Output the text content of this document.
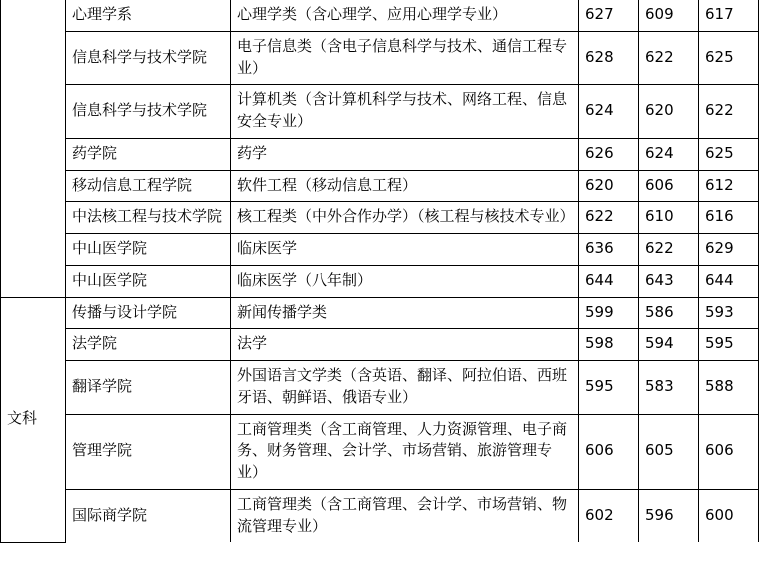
	心理学系	心理学类（含心理学、应用心理学专业）	627	609	617
	信息科学与技术学院	电子信息类（含电子信息科学与技术、通信工程专业）	628	622	625
	信息科学与技术学院	计算机类（含计算机科学与技术、网络工程、信息安全专业）	624	620	622
	药学院	药学	626	624	625
	移动信息工程学院	软件工程（移动信息工程）	620	606	612
	中法核工程与技术学院	核工程类（中外合作办学）（核工程与核技术专业）	622	610	616
	中山医学院	临床医学	636	622	629
	中山医学院	临床医学（八年制）	644	643	644
文科	传播与设计学院	新闻传播学类	599	586	593
	法学院	法学	598	594	595
	翻译学院	外国语言文学类（含英语、翻译、阿拉伯语、西班牙语、朝鲜语、俄语专业）	595	583	588
	管理学院	工商管理类（含工商管理、人力资源管理、电子商务、财务管理、会计学、市场营销、旅游管理专业）	606	605	606
	国际商学院	工商管理类（含工商管理、会计学、市场营销、物流管理专业）	602	596	600
